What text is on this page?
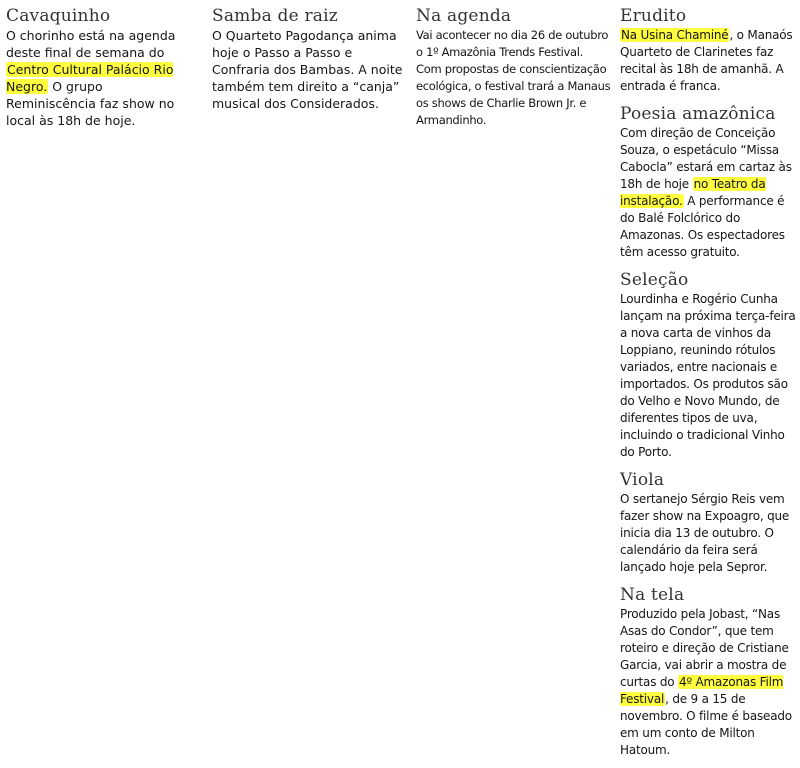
Cavaquinho

O chorinho está na agenda deste final de semana do Centro Cultural Palácio Rio Negro. O grupo Reminiscência faz show no local às 18h de hoje.

Samba de raiz

O Quarteto Pagodança anima hoje o Passo a Passo e Confraria dos Bambas. A noite também tem direito a “canja” musical dos Considerados.

Na agenda

Vai acontecer no dia 26 de outubro o 1º Amazônia Trends Festival. Com propostas de conscientização ecológica, o festival trará a Manaus os shows de Charlie Brown Jr. e Armandinho.

Erudito

Na Usina Chaminé, o Manaós Quarteto de Clarinetes faz recital às 18h de amanhã. A entrada é franca.

Poesia amazônica

Com direção de Conceição Souza, o espetáculo “Missa Cabocla” estará em cartaz às 18h de hoje no Teatro da instalação. A performance é do Balé Folclórico do Amazonas. Os espectadores têm acesso gratuito.

Seleção

Lourdinha e Rogério Cunha lançam na próxima terça-feira a nova carta de vinhos da Loppiano, reunindo rótulos variados, entre nacionais e importados. Os produtos são do Velho e Novo Mundo, de diferentes tipos de uva, incluindo o tradicional Vinho do Porto.

Viola

O sertanejo Sérgio Reis vem fazer show na Expoagro, que inicia dia 13 de outubro. O calendário da feira será lançado hoje pela Sepror.

Na tela

Produzido pela Jobast, “Nas Asas do Condor”, que tem roteiro e direção de Cristiane Garcia, vai abrir a mostra de curtas do 4º Amazonas Film Festival, de 9 a 15 de novembro. O filme é baseado em um conto de Milton Hatoum.
